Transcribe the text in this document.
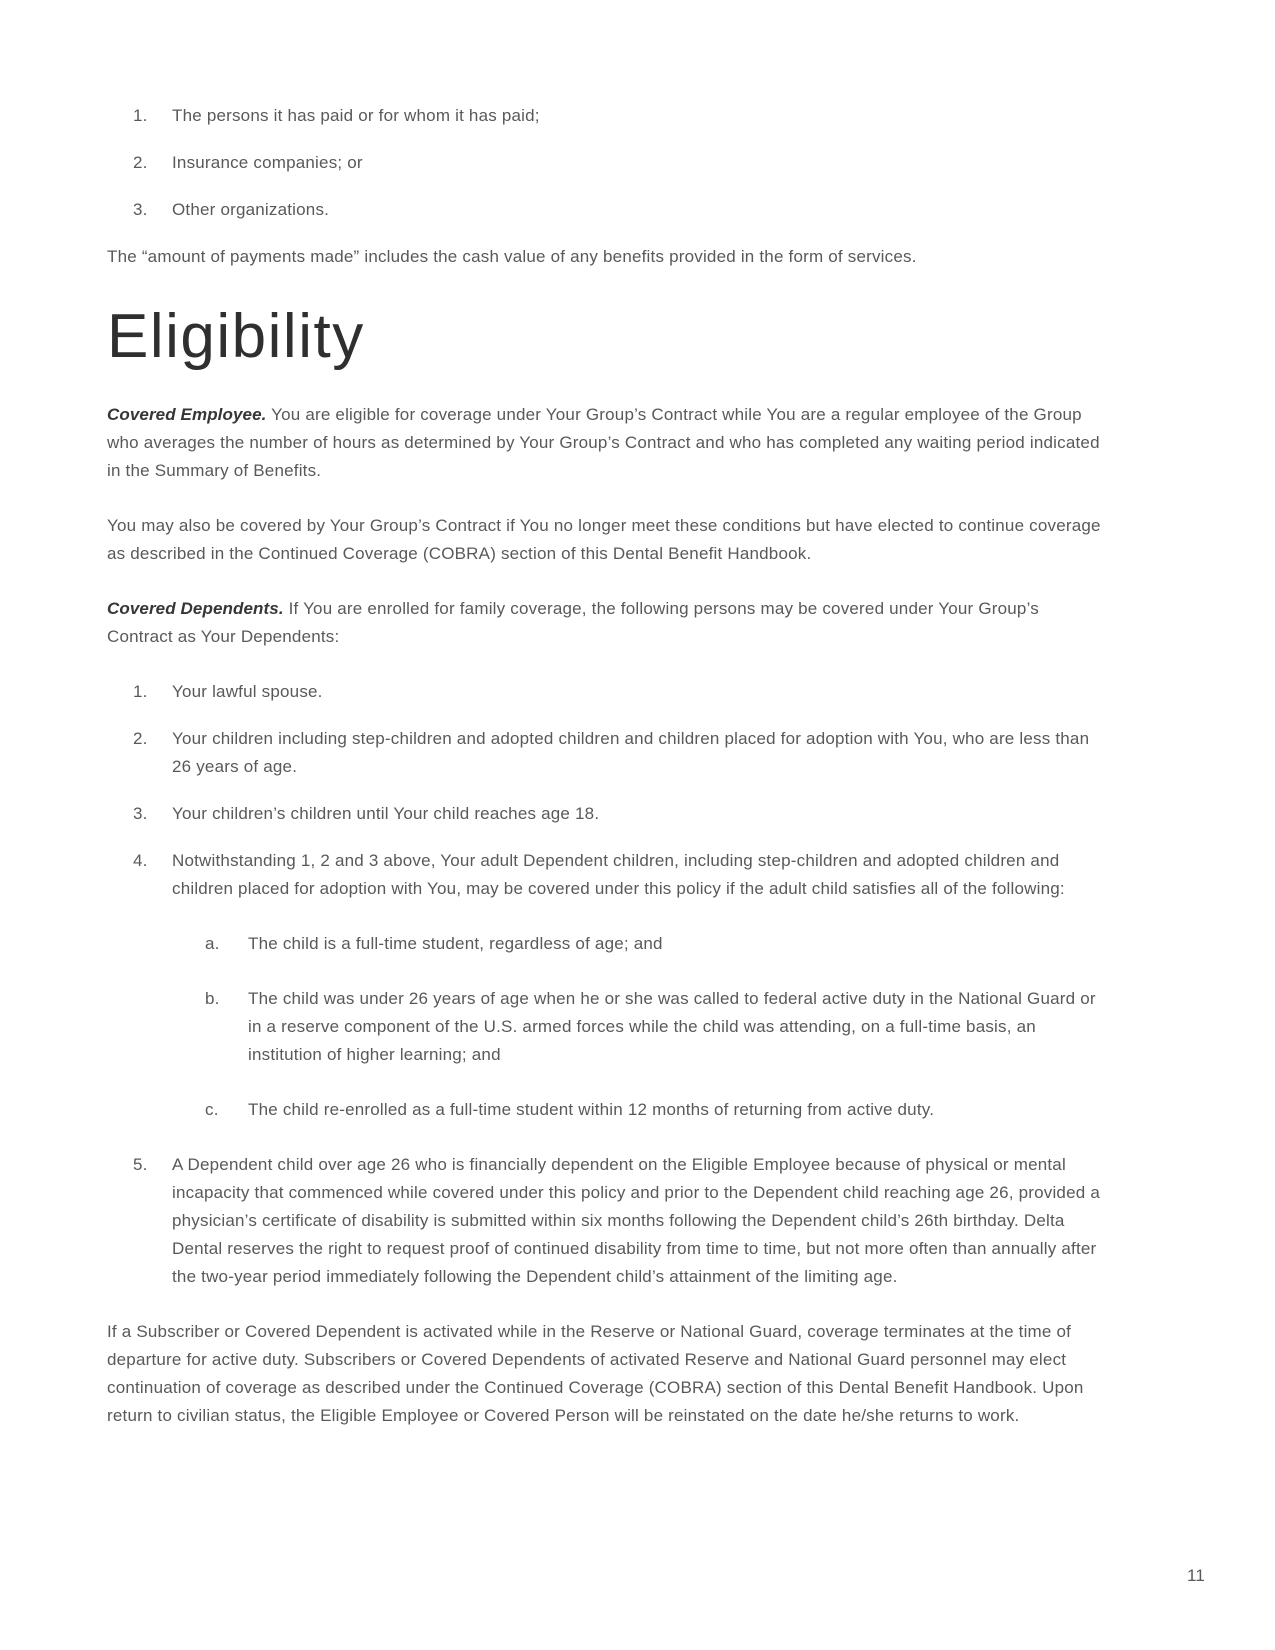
1.	The persons it has paid or for whom it has paid;
2.	Insurance companies; or
3.	Other organizations.

The “amount of payments made” includes the cash value of any benefits provided in the form of services.

Eligibility

Covered Employee. You are eligible for coverage under Your Group’s Contract while You are a regular employee of the Group who averages the number of hours as determined by Your Group’s Contract and who has completed any waiting period indicated in the Summary of Benefits.

You may also be covered by Your Group’s Contract if You no longer meet these conditions but have elected to continue coverage as described in the Continued Coverage (COBRA) section of this Dental Benefit Handbook.

Covered Dependents. If You are enrolled for family coverage, the following persons may be covered under Your Group’s Contract as Your Dependents:

1.	Your lawful spouse.
2.	Your children including step-children and adopted children and children placed for adoption with You, who are less than 26 years of age.
3.	Your children’s children until Your child reaches age 18.
4.	Notwithstanding 1, 2 and 3 above, Your adult Dependent children, including step-children and adopted children and children placed for adoption with You, may be covered under this policy if the adult child satisfies all of the following:
a.	The child is a full-time student, regardless of age; and
b.	The child was under 26 years of age when he or she was called to federal active duty in the National Guard or in a reserve component of the U.S. armed forces while the child was attending, on a full-time basis, an institution of higher learning; and
c.	The child re-enrolled as a full-time student within 12 months of returning from active duty.
5.	A Dependent child over age 26 who is financially dependent on the Eligible Employee because of physical or mental incapacity that commenced while covered under this policy and prior to the Dependent child reaching age 26, provided a physician’s certificate of disability is submitted within six months following the Dependent child’s 26th birthday. Delta Dental reserves the right to request proof of continued disability from time to time, but not more often than annually after the two-year period immediately following the Dependent child’s attainment of the limiting age.

If a Subscriber or Covered Dependent is activated while in the Reserve or National Guard, coverage terminates at the time of departure for active duty. Subscribers or Covered Dependents of activated Reserve and National Guard personnel may elect continuation of coverage as described under the Continued Coverage (COBRA) section of this Dental Benefit Handbook. Upon return to civilian status, the Eligible Employee or Covered Person will be reinstated on the date he/she returns to work.

11
